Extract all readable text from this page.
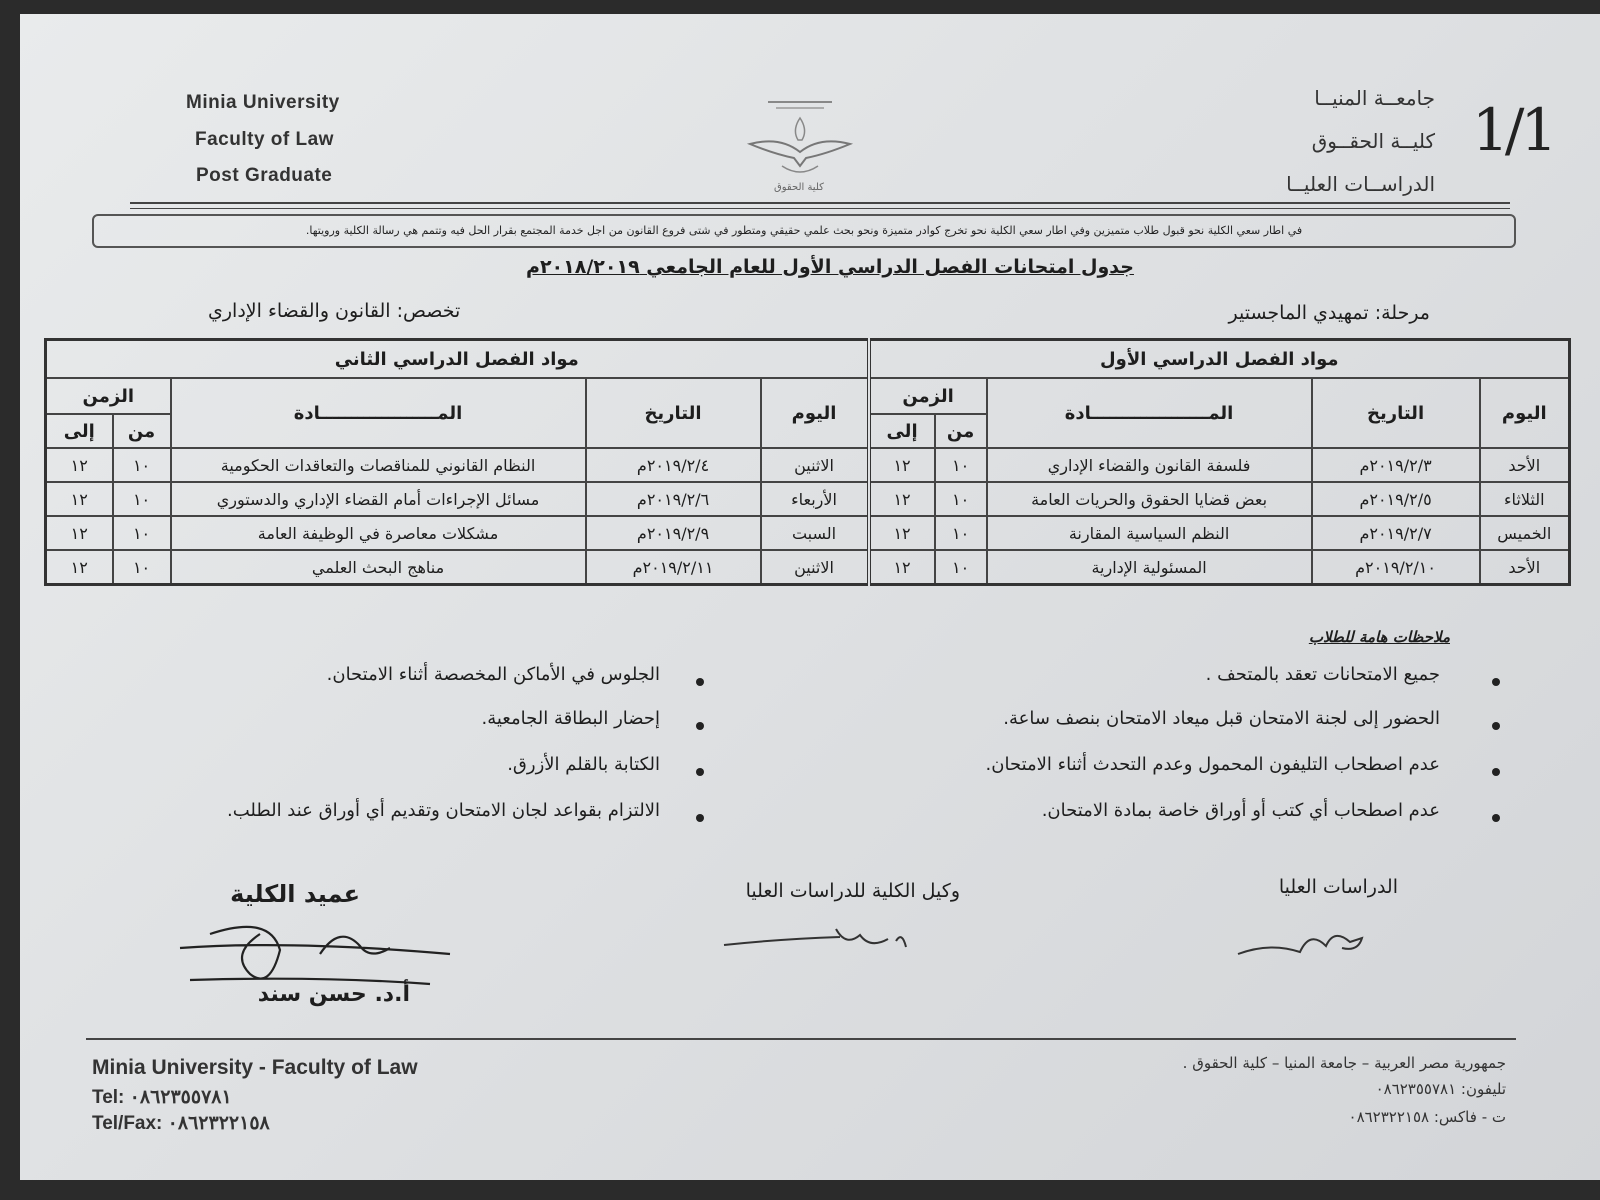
Minia University
Faculty of Law
Post Graduate
كلية الحقوق
جامعــة المنيــا
كليــة الحقــوق
الدراســات العليــا
1/1
في اطار سعي الكلية نحو قبول طلاب متميزين وفي اطار سعي الكلية نحو تخرج كوادر متميزة ونحو بحث علمي حقيقي ومتطور في شتى فروع القانون من اجل خدمة المجتمع بقرار الحل فيه وتتمم هي رسالة الكلية ورويتها.
جدول امتحانات الفصل الدراسي الأول للعام الجامعي ٢٠١٨/٢٠١٩م
مرحلة: تمهيدي الماجستير
تخصص: القانون والقضاء الإداري
مواد الفصل الدراسي الأول					مواد الفصل الدراسي الثاني				
اليوم	التاريخ	المـــــــــــــــــــادة	الزمن		اليوم	التاريخ	المـــــــــــــــــــادة	الزمن	
			من	إلى				من	إلى
الأحد	٢٠١٩/٢/٣م	فلسفة القانون والقضاء الإداري	١٠	١٢	الاثنين	٢٠١٩/٢/٤م	النظام القانوني للمناقصات والتعاقدات الحكومية	١٠	١٢
الثلاثاء	٢٠١٩/٢/٥م	بعض قضايا الحقوق والحريات العامة	١٠	١٢	الأربعاء	٢٠١٩/٢/٦م	مسائل الإجراءات أمام القضاء الإداري والدستوري	١٠	١٢
الخميس	٢٠١٩/٢/٧م	النظم السياسية المقارنة	١٠	١٢	السبت	٢٠١٩/٢/٩م	مشكلات معاصرة في الوظيفة العامة	١٠	١٢
الأحد	٢٠١٩/٢/١٠م	المسئولية الإدارية	١٠	١٢	الاثنين	٢٠١٩/٢/١١م	مناهج البحث العلمي	١٠	١٢
ملاحظات هامة للطلاب
جميع الامتحانات تعقد بالمتحف .
الحضور إلى لجنة الامتحان قبل ميعاد الامتحان بنصف ساعة.
عدم اصطحاب التليفون المحمول وعدم التحدث أثناء الامتحان.
عدم اصطحاب أي كتب أو أوراق خاصة بمادة الامتحان.
الجلوس في الأماكن المخصصة أثناء الامتحان.
إحضار البطاقة الجامعية.
الكتابة بالقلم الأزرق.
الالتزام بقواعد لجان الامتحان وتقديم أي أوراق عند الطلب.
الدراسات العليا
وكيل الكلية للدراسات العليا
عميد الكلية
أ.د. حسن سند
Minia University - Faculty of Law
Tel: ٠٨٦٢٣٥٥٧٨١
Tel/Fax: ٠٨٦٢٣٢٢١٥٨
جمهورية مصر العربية – جامعة المنيا – كلية الحقوق .
تليفون: ٠٨٦٢٣٥٥٧٨١
ت - فاكس: ٠٨٦٢٣٢٢١٥٨
